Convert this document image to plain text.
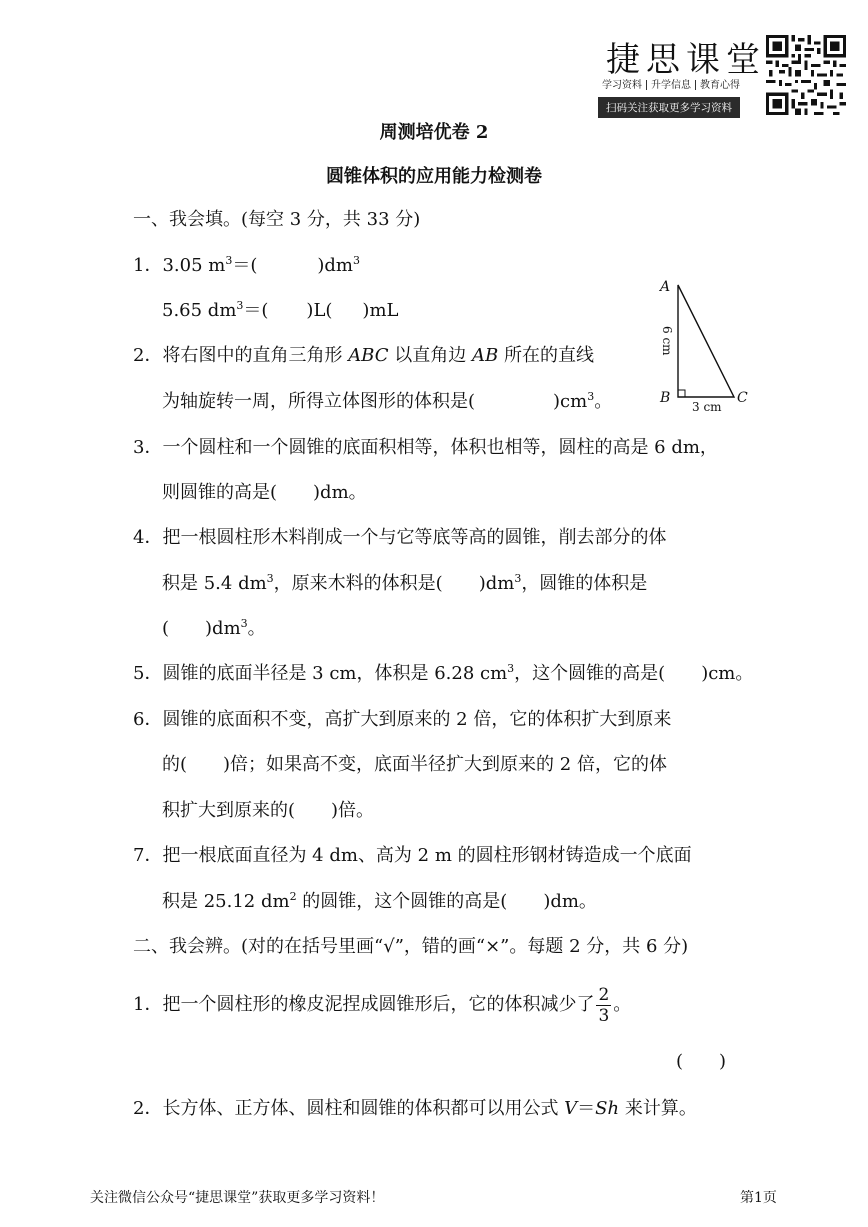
捷思课堂
学习资料 升学信息 教育心得
扫码关注获取更多学习资料
周测培优卷 2
圆锥体积的应用能力检测卷
一、我会填。(每空 3 分，共 33 分)
1．3.05 $m^3=$(	)$dm^3$
5.65 $dm^3=$( )L( )mL
2．将右图中的直角三角形 ABC 以直角边 AB 所在的直线
为轴旋转一周，所得立体图形的体积是(	)$cm^3$。
A
B	C
6 cm
3 cm
3．一个圆柱和一个圆锥的底面积相等，体积也相等，圆柱的高是 6 dm，
则圆锥的高是(　　)dm。
4．把一根圆柱形木料削成一个与它等底等高的圆锥，削去部分的体
积是 5.4 $dm^3$，原来木料的体积是(　　)$dm^3$，圆锥的体积是
(　　)$dm^3$。
5．圆锥的底面半径是 3 cm，体积是 6.28 $cm^3$，这个圆锥的高是(　　)cm。
6．圆锥的底面积不变，高扩大到原来的 2 倍，它的体积扩大到原来
的(　　)倍；如果高不变，底面半径扩大到原来的 2 倍，它的体
积扩大到原来的(　　)倍。
7．把一根底面直径为 4 dm、高为 2 m 的圆柱形钢材铸造成一个底面
积是 25.12 $dm^2$ 的圆锥，这个圆锥的高是(　　)dm。
二、我会辨。(对的在括号里画“√”，错的画“×”。每题 2 分，共 6 分)
1．把一个圆柱形的橡皮泥捏成圆锥形后，它的体积减少了 $\frac{2}{3}$ 。
(　　)
2．长方体、正方体、圆柱和圆锥的体积都可以用公式 V＝Sh 来计算。
关注微信公众号“捷思课堂”获取更多学习资料！	第1页
